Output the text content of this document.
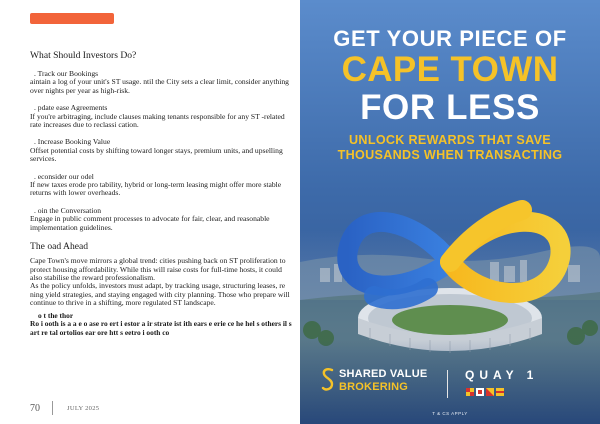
What Should Investors Do?

. Track our Bookings

aintain a log of your unit's ST usage. ntil the City sets a clear limit, consider anything over nights per year as high-risk.

. pdate ease Agreements

If you're arbitraging, include clauses making tenants responsible for any ST -related rate increases due to reclassi cation.

. Increase Booking Value

Offset potential costs by shifting toward longer stays, premium units, and upselling services.

. econsider our odel

If new taxes erode pro tability, hybrid or long-term leasing might offer more stable returns with lower overheads.

. oin the Conversation

Engage in public comment processes to advocate for fair, clear, and reasonable implementation guidelines.

The oad Ahead

Cape Town's move mirrors a global trend: cities pushing back on ST proliferation to protect housing affordability. While this will raise costs for full-time hosts, it could also stabilise the reward professionalism.

As the policy unfolds, investors must adapt, by tracking usage, structuring leases, re ning yield strategies, and staying engaged with city planning. Those who prepare will continue to thrive in a shifting, more regulated ST landscape.

o t the thor

Ro i ooth is a a e o ase ro ert i estor a ir strate ist ith ears e erie ce he hel s others il s art re tal ortolios ear ore htt s eetro i ooth co

70	JULY 2025
GET YOUR PIECE OF
CAPE TOWN
FOR LESS
UNLOCK REWARDS THAT SAVE
THOUSANDS WHEN TRANSACTING
SHARED VALUE
BROKERING
QUAY 1
T & CS APPLY
